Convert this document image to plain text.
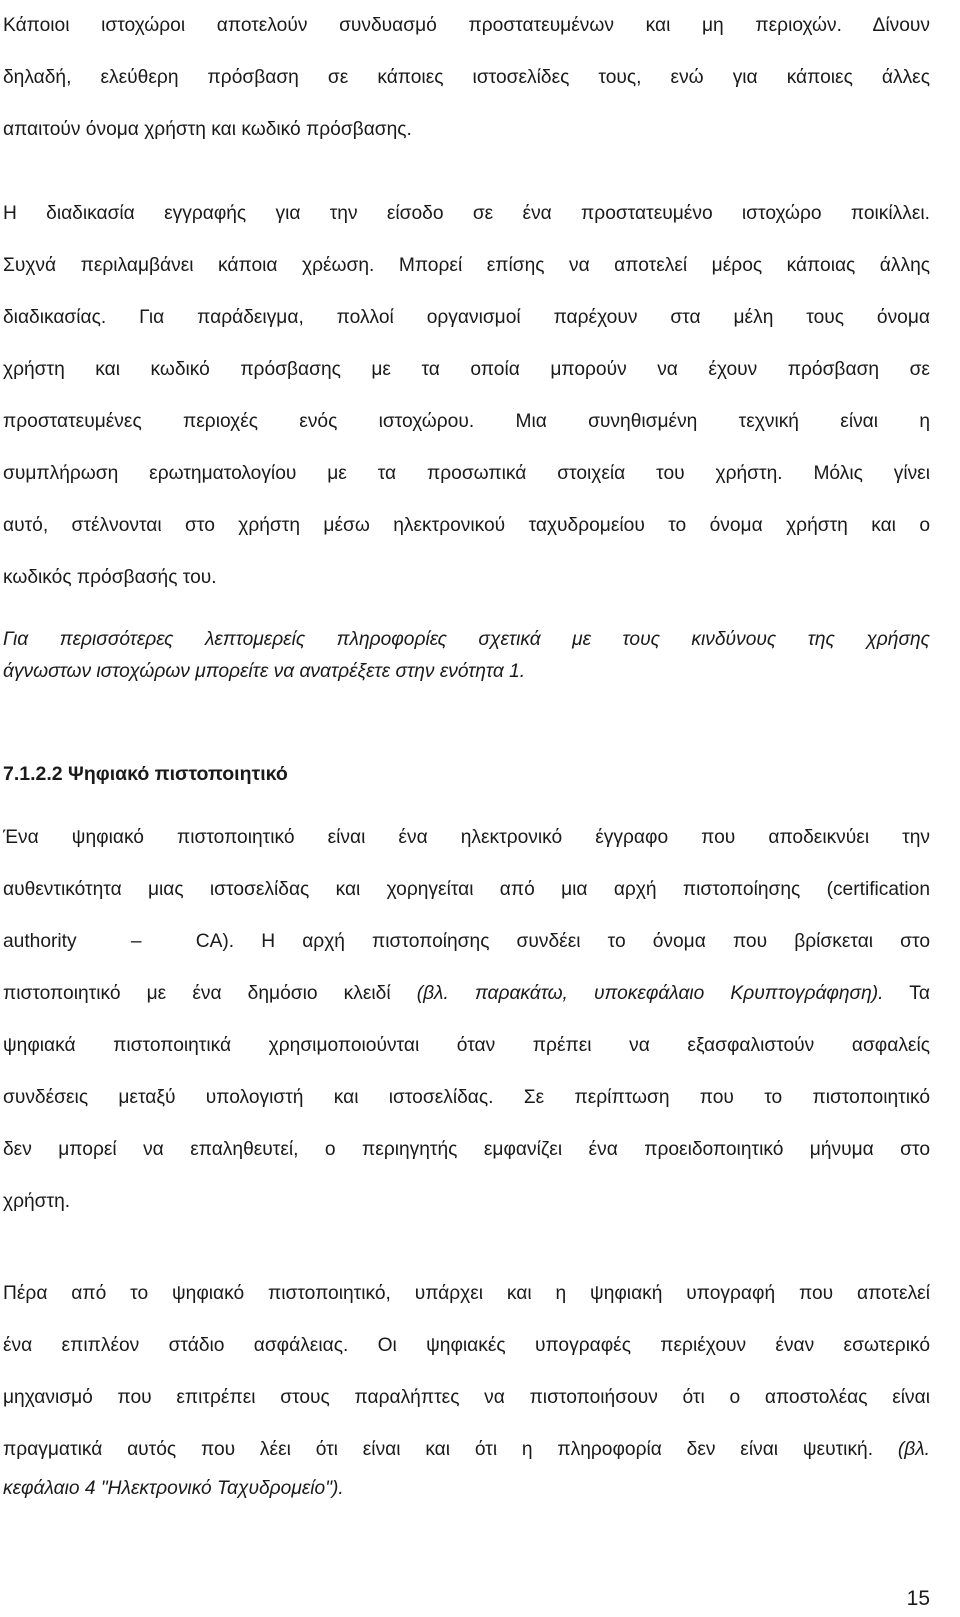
Κάποιοι ιστοχώροι αποτελούν συνδυασμό προστατευμένων και μη περιοχών. Δίνουν
δηλαδή, ελεύθερη πρόσβαση σε κάποιες ιστοσελίδες τους, ενώ για κάποιες άλλες
απαιτούν όνομα χρήστη και κωδικό πρόσβασης.
Η διαδικασία εγγραφής για την είσοδο σε ένα προστατευμένο ιστοχώρο ποικίλλει.
Συχνά περιλαμβάνει κάποια χρέωση. Μπορεί επίσης να αποτελεί μέρος κάποιας άλλης
διαδικασίας. Για παράδειγμα, πολλοί οργανισμοί παρέχουν στα μέλη τους όνομα
χρήστη και κωδικό πρόσβασης με τα οποία μπορούν να έχουν πρόσβαση σε
προστατευμένες περιοχές ενός ιστοχώρου. Μια συνηθισμένη τεχνική είναι η
συμπλήρωση ερωτηματολογίου με τα προσωπικά στοιχεία του χρήστη. Μόλις γίνει
αυτό, στέλνονται στο χρήστη μέσω ηλεκτρονικού ταχυδρομείου το όνομα χρήστη και ο
κωδικός πρόσβασής του.
Για περισσότερες λεπτομερείς πληροφορίες σχετικά με τους κινδύνους της χρήσης
άγνωστων ιστοχώρων μπορείτε να ανατρέξετε στην ενότητα 1.
7.1.2.2 Ψηφιακό πιστοποιητικό
Ένα ψηφιακό πιστοποιητικό είναι ένα ηλεκτρονικό έγγραφο που αποδεικνύει την
αυθεντικότητα μιας ιστοσελίδας και χορηγείται από μια αρχή πιστοποίησης (certification
authority  –  CA). Η αρχή πιστοποίησης συνδέει το όνομα που βρίσκεται στο
πιστοποιητικό με ένα δημόσιο κλειδί (βλ. παρακάτω, υποκεφάλαιο Κρυπτογράφηση). Τα
ψηφιακά πιστοποιητικά χρησιμοποιούνται όταν πρέπει να εξασφαλιστούν ασφαλείς
συνδέσεις μεταξύ υπολογιστή και ιστοσελίδας. Σε περίπτωση που το πιστοποιητικό
δεν μπορεί να επαληθευτεί, ο περιηγητής εμφανίζει ένα προειδοποιητικό μήνυμα στο
χρήστη.
Πέρα από το ψηφιακό πιστοποιητικό, υπάρχει και η ψηφιακή υπογραφή που αποτελεί
ένα επιπλέον στάδιο ασφάλειας. Οι ψηφιακές υπογραφές περιέχουν έναν εσωτερικό
μηχανισμό που επιτρέπει στους παραλήπτες να πιστοποιήσουν ότι ο αποστολέας είναι
πραγματικά αυτός που λέει ότι είναι και ότι η πληροφορία δεν είναι ψευτική. (βλ.
κεφάλαιο 4 "Ηλεκτρονικό Ταχυδρομείο").
15
